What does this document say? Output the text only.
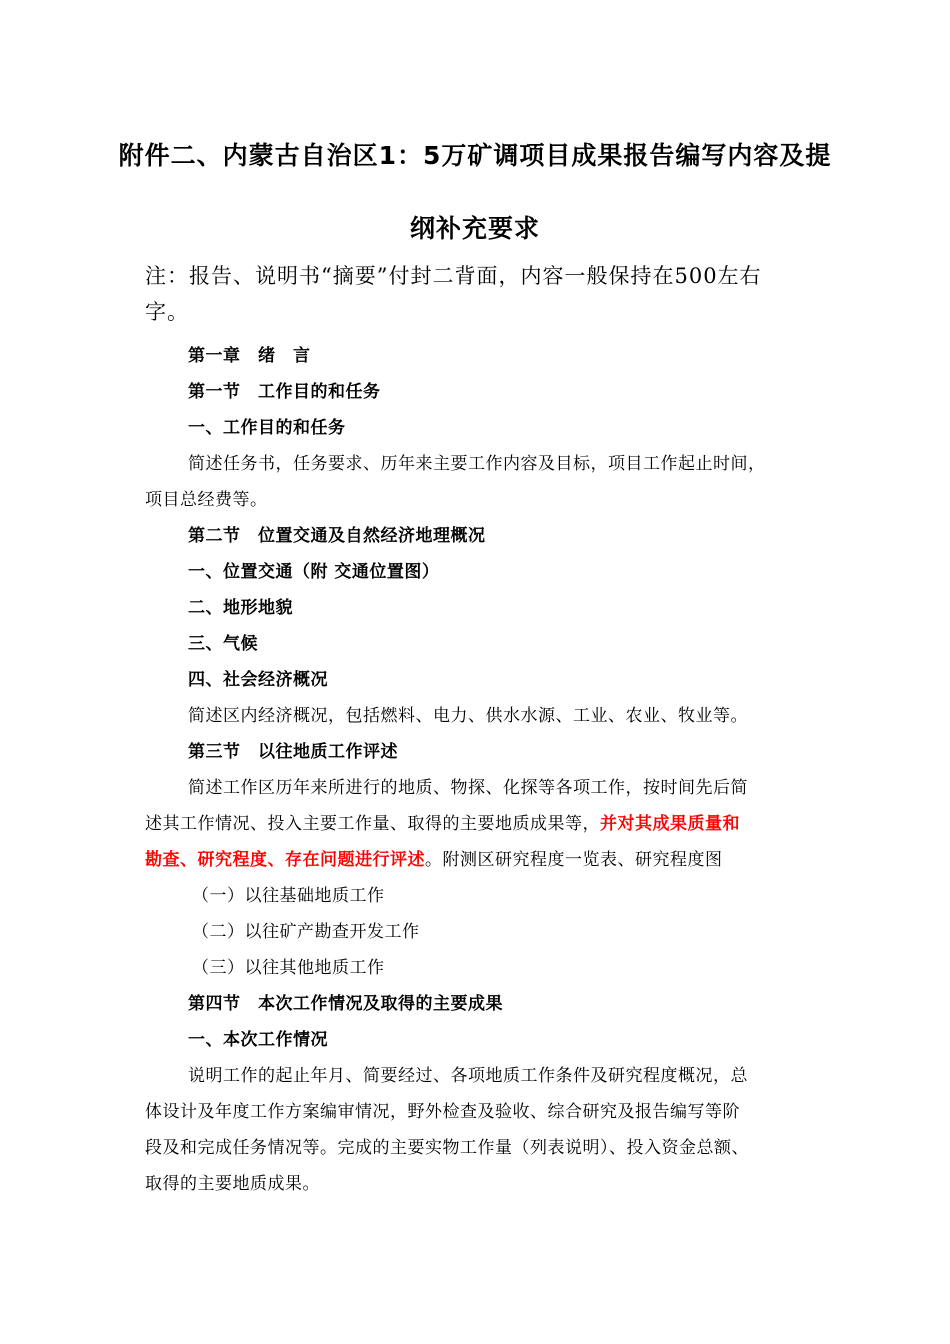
附件二、内蒙古自治区1：5万矿调项目成果报告编写内容及提
纲补充要求
注：报告、说明书“摘要”付封二背面，内容一般保持在500左右字。
第一章　绪　言
第一节　工作目的和任务
一、工作目的和任务
简述任务书，任务要求、历年来主要工作内容及目标，项目工作起止时间，
项目总经费等。
第二节　位置交通及自然经济地理概况
一、位置交通（附 交通位置图）
二、地形地貌
三、气候
四、社会经济概况
简述区内经济概况，包括燃料、电力、供水水源、工业、农业、牧业等。
第三节　以往地质工作评述
简述工作区历年来所进行的地质、物探、化探等各项工作，按时间先后简
述其工作情况、投入主要工作量、取得的主要地质成果等，并对其成果质量和
勘查、研究程度、存在问题进行评述。附测区研究程度一览表、研究程度图
（一）以往基础地质工作
（二）以往矿产勘查开发工作
（三）以往其他地质工作
第四节　本次工作情况及取得的主要成果
一、本次工作情况
说明工作的起止年月、简要经过、各项地质工作条件及研究程度概况，总
体设计及年度工作方案编审情况，野外检查及验收、综合研究及报告编写等阶
段及和完成任务情况等。完成的主要实物工作量（列表说明）、投入资金总额、
取得的主要地质成果。
